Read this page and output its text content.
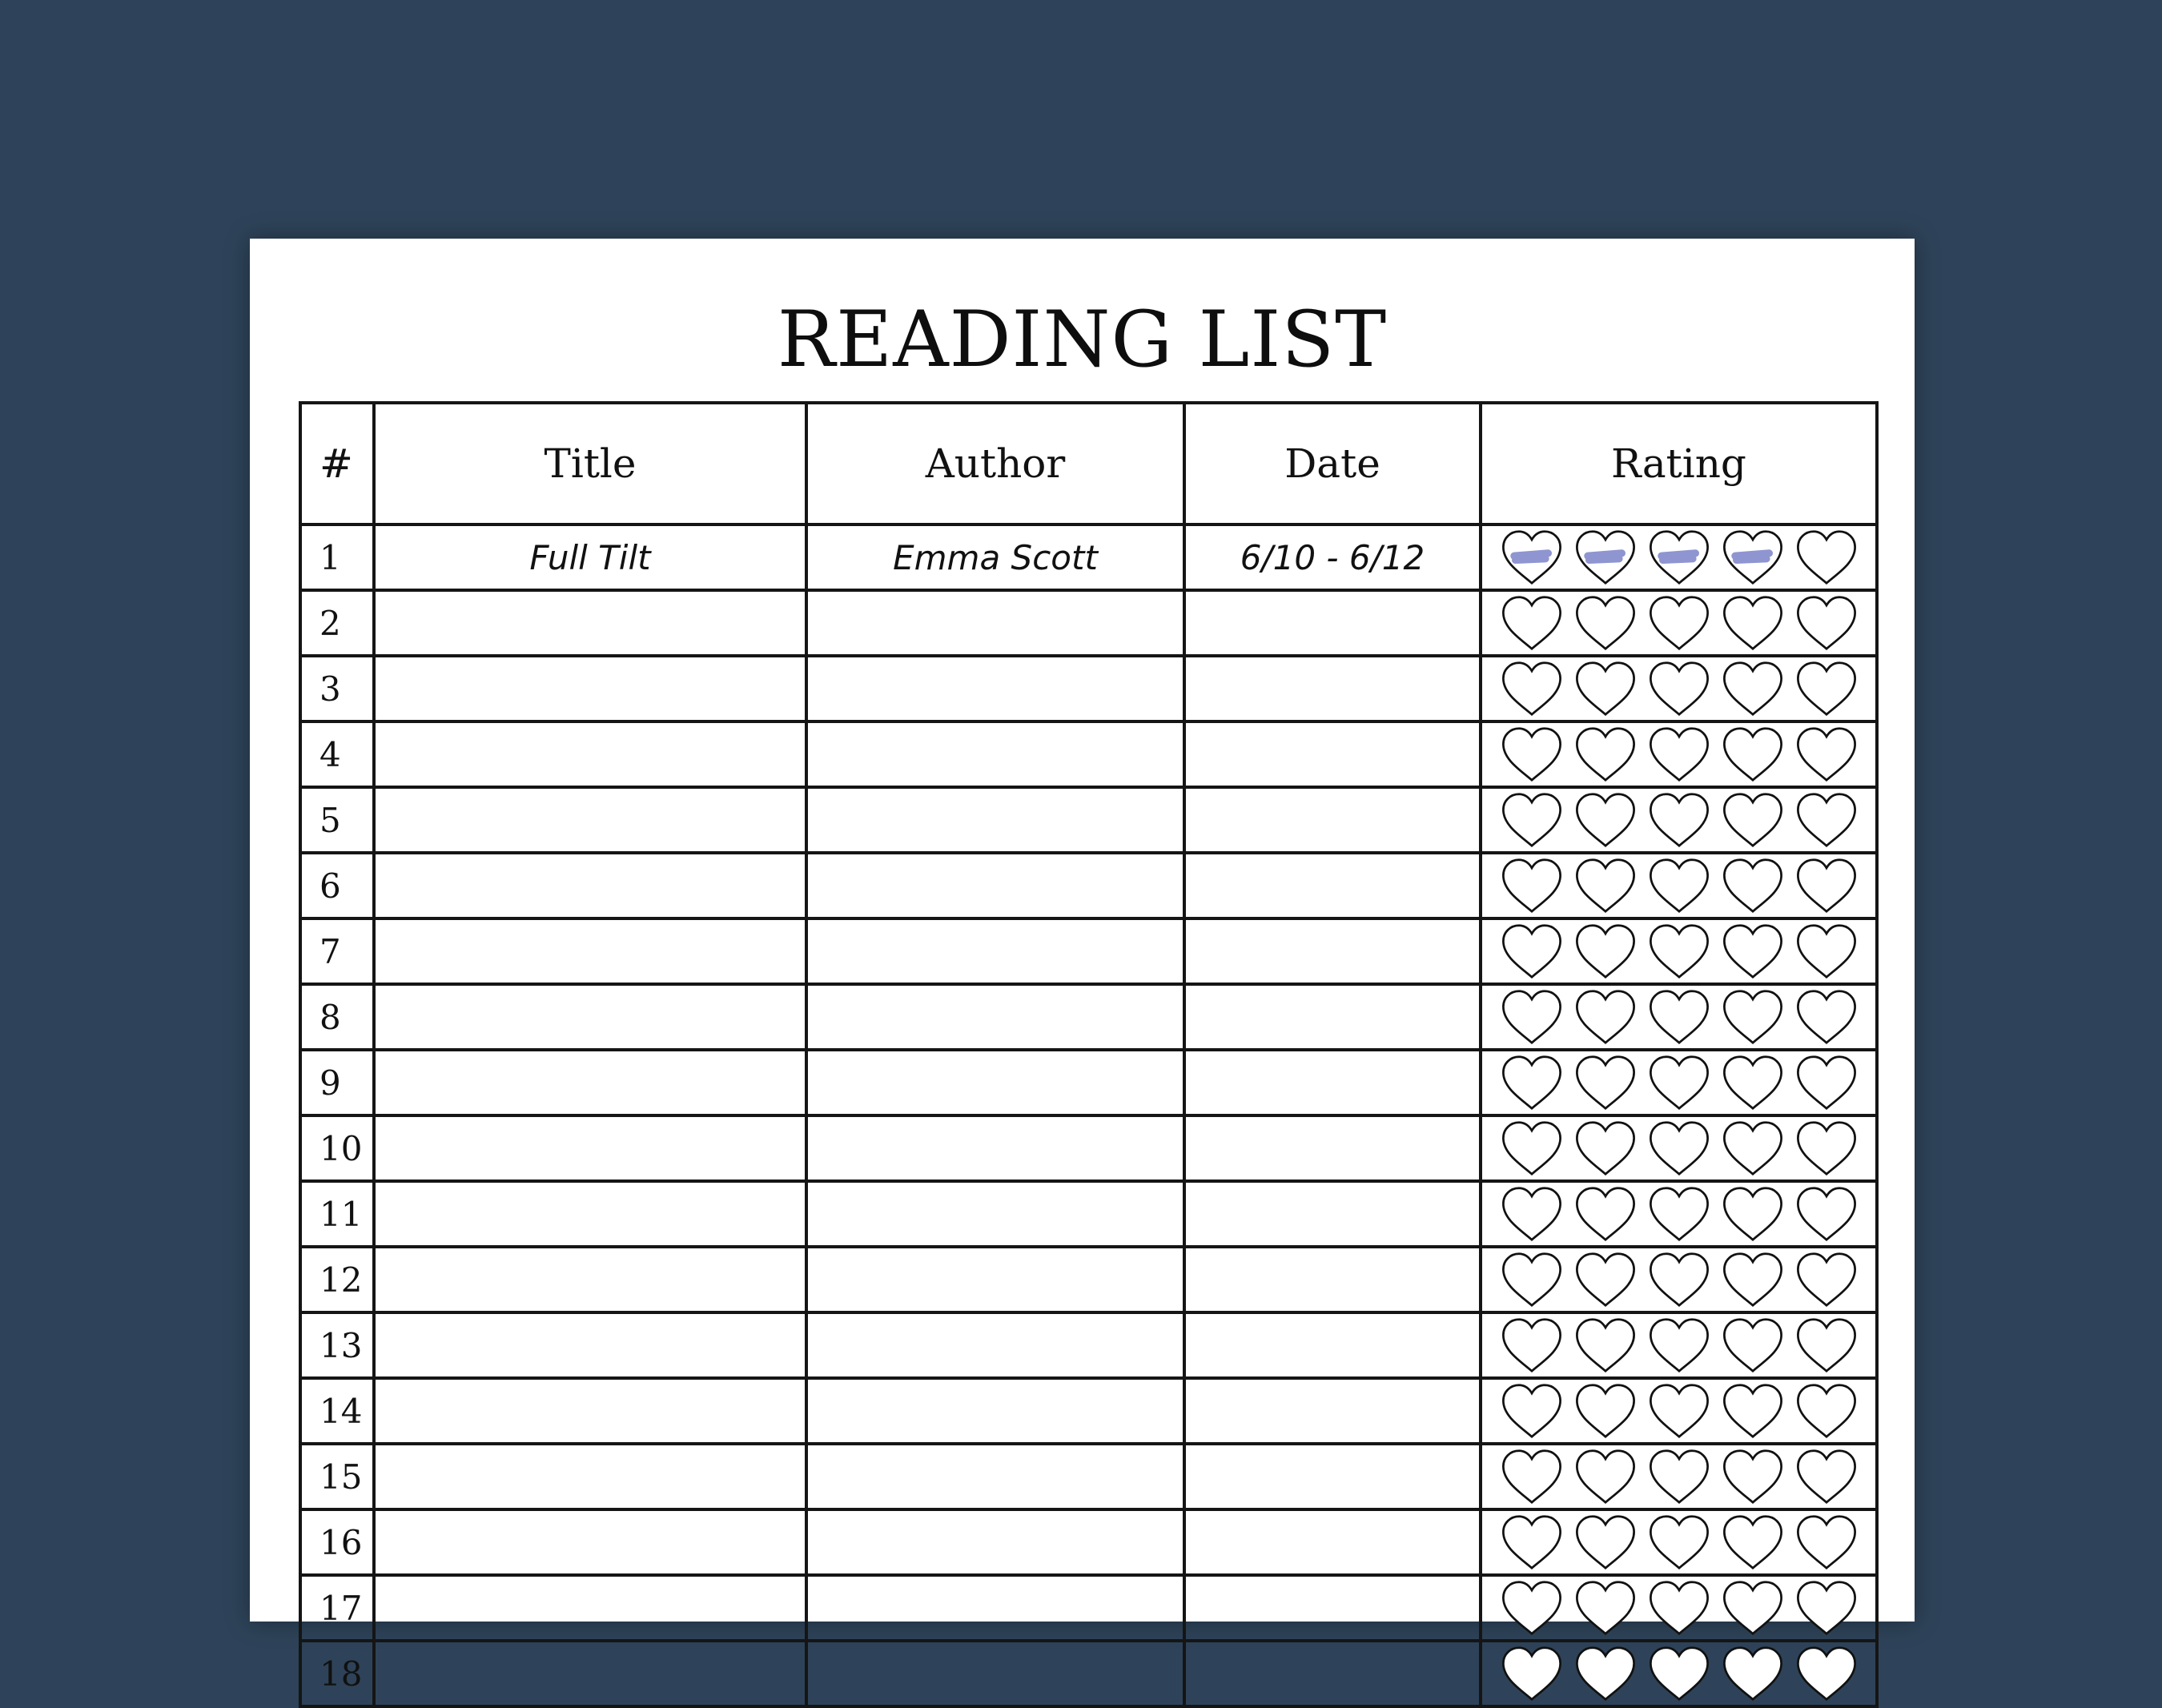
READING LIST
#	Title	Author	Date	Rating
1	Full Tilt	Emma Scott	6/10 - 6/12	

2				

3				

4				

5				

6				

7				

8				

9				

10				

11				

12				

13				

14				

15				

16				

17				

18				
